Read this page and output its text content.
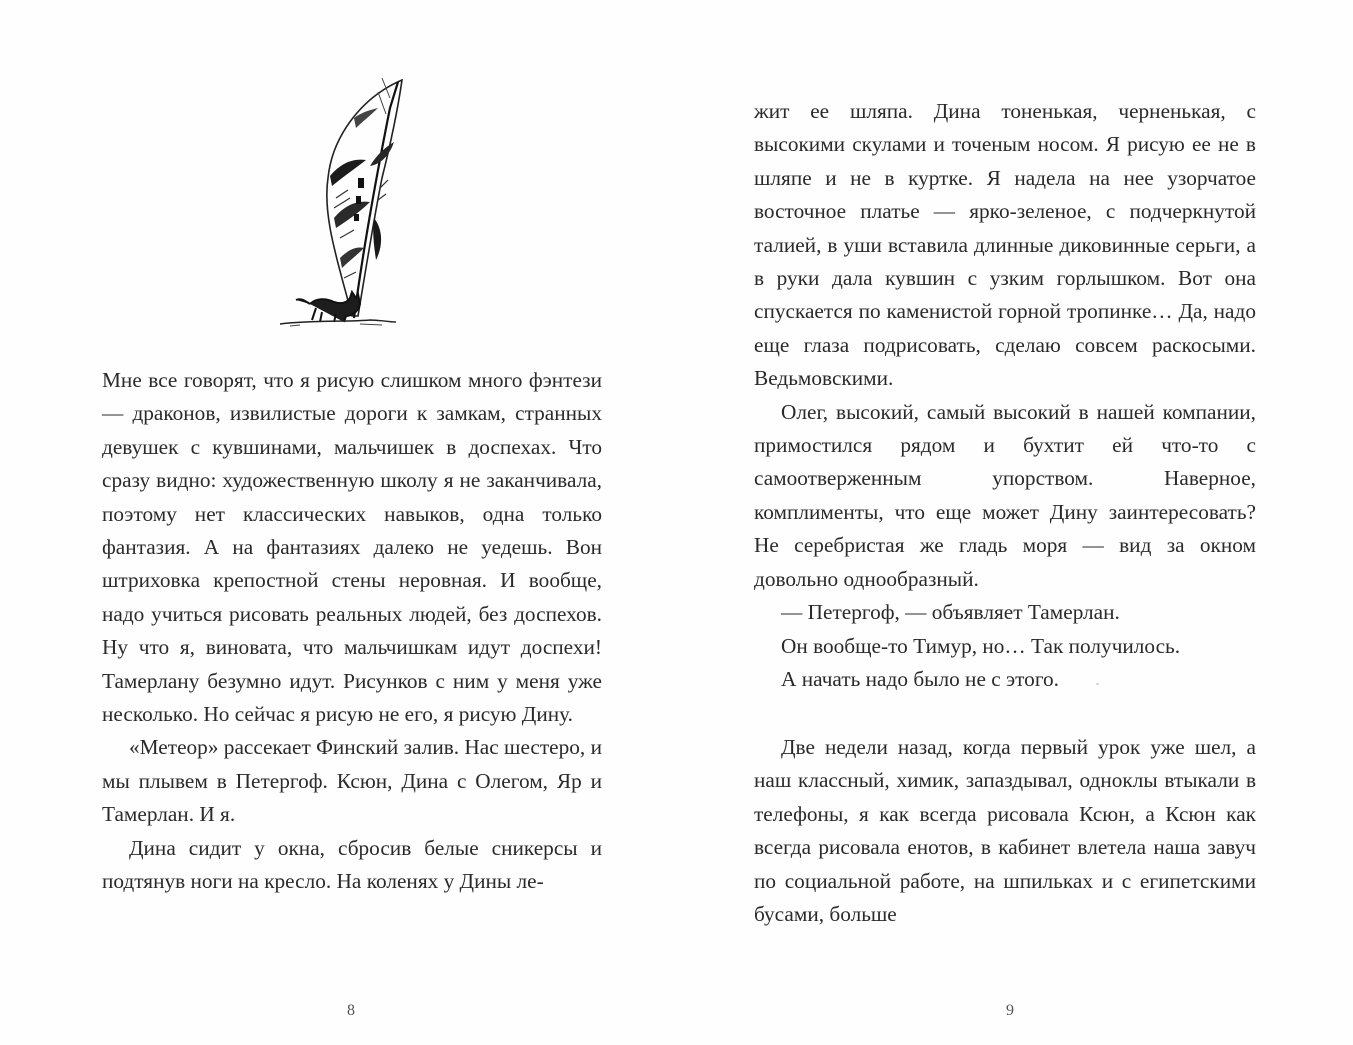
Мне все говорят, что я рисую слишком много фэнтези — драконов, извилистые дороги к замкам, странных девушек с кувшинами, мальчишек в доспехах. Что сразу видно: художественную школу я не заканчивала, поэтому нет классических навыков, одна только фантазия. А на фантазиях далеко не уедешь. Вон штриховка крепостной стены неровная. И вообще, надо учиться рисовать реальных людей, без доспехов. Ну что я, виновата, что мальчишкам идут доспехи! Тамерлану безумно идут. Рисунков с ним у меня уже несколько. Но сейчас я рисую не его, я рисую Дину.

«Метеор» рассекает Финский залив. Нас шестеро, и мы плывем в Петергоф. Ксюн, Дина с Олегом, Яр и Тамерлан. И я.

Дина сидит у окна, сбросив белые сникерсы и подтянув ноги на кресло. На коленях у Дины ле-

8

жит ее шляпа. Дина тоненькая, черненькая, с высокими скулами и точеным носом. Я рисую ее не в шляпе и не в куртке. Я надела на нее узорчатое восточное платье — ярко-зеленое, с подчеркнутой талией, в уши вставила длинные диковинные серьги, а в руки дала кувшин с узким горлышком. Вот она спускается по каменистой горной тропинке… Да, надо еще глаза подрисовать, сделаю совсем раскосыми. Ведьмовскими.

Олег, высокий, самый высокий в нашей компании, примостился рядом и бухтит ей что-то с самоотверженным упорством. Наверное, комплименты, что еще может Дину заинтересовать? Не серебристая же гладь моря — вид за окном довольно однообразный.

— Петергоф, — объявляет Тамерлан.

Он вообще-то Тимур, но… Так получилось.

А начать надо было не с этого.

Две недели назад, когда первый урок уже шел, а наш классный, химик, запаздывал, одноклы втыкали в телефоны, я как всегда рисовала Ксюн, а Ксюн как всегда рисовала енотов, в кабинет влетела наша завуч по социальной работе, на шпильках и с египетскими бусами, больше

9
